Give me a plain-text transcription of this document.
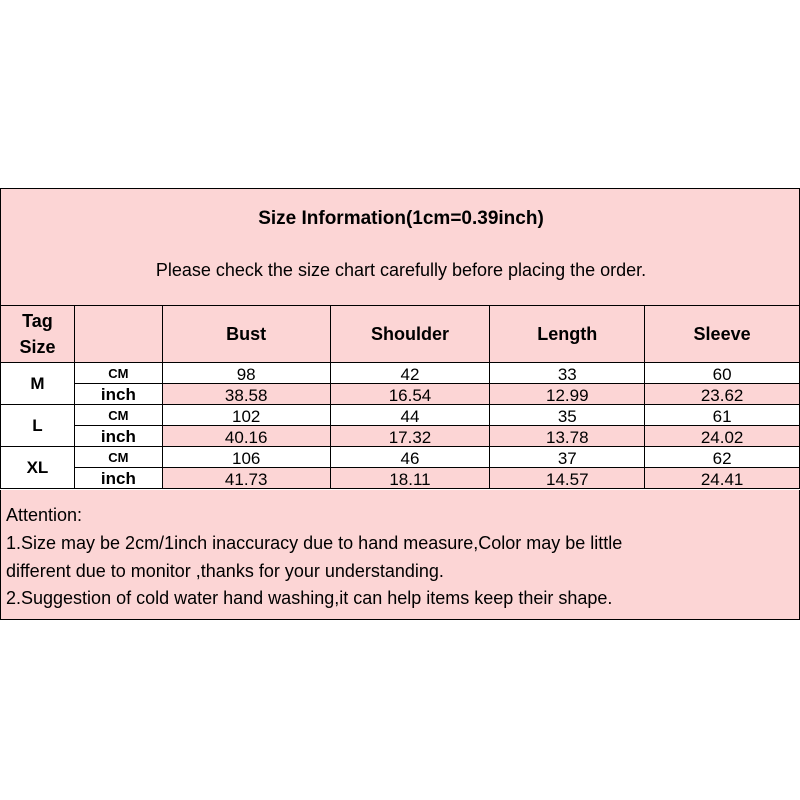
Size Information(1cm=0.39inch)
Please check the size chart carefully before placing the order.
Tag
Size		Bust	Shoulder	Length	Sleeve
M	CM	98	42	33	60
	inch	38.58	16.54	12.99	23.62
L	CM	102	44	35	61
	inch	40.16	17.32	13.78	24.02
XL	CM	106	46	37	62
	inch	41.73	18.11	14.57	24.41
Attention:
1.Size may be 2cm/1inch inaccuracy due to hand measure,Color may be little
different due to monitor ,thanks for your understanding.
2.Suggestion of cold water hand washing,it can help items keep their shape.
